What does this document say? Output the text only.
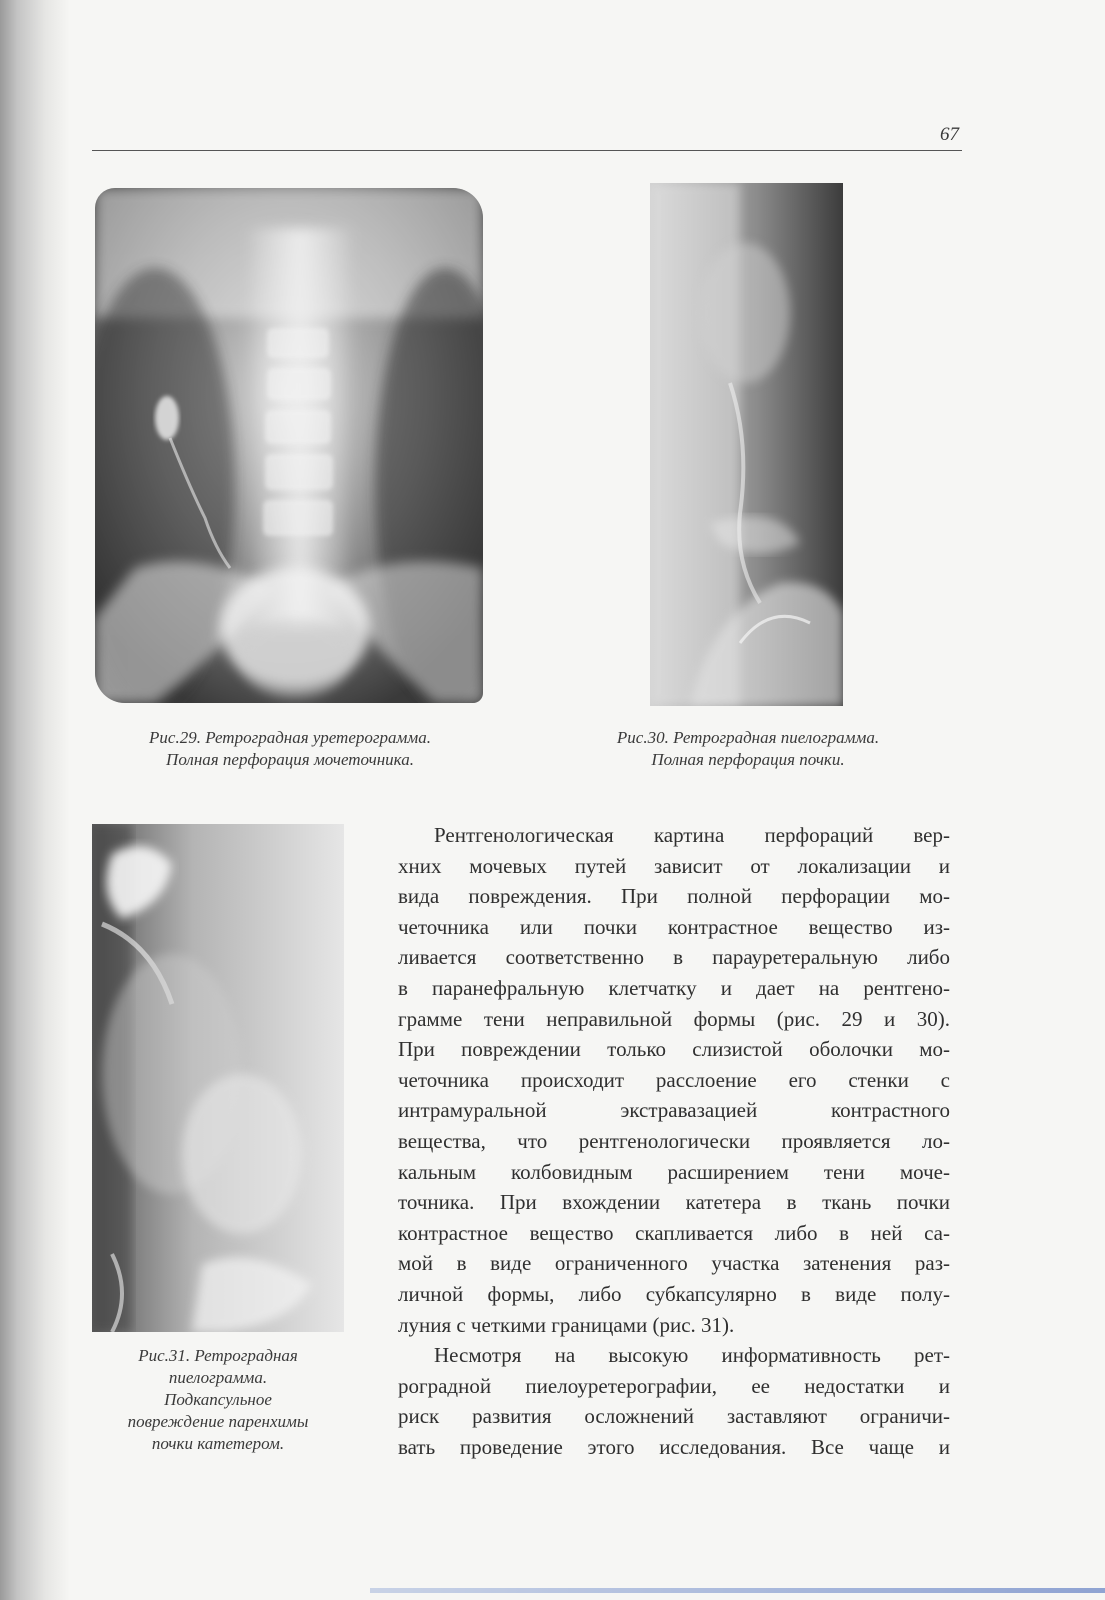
67
Рис.29. Ретроградная уретерограмма.
Полная перфорация мочеточника.
Рис.30. Ретроградная пиелограмма.
Полная перфорация почки.
Рис.31. Ретроградная
пиелограмма.
Подкапсульное
повреждение паренхимы
почки катетером.
Рентгенологическая картина перфораций вер-
хних мочевых путей зависит от локализации и
вида повреждения. При полной перфорации мо-
четочника или почки контрастное вещество из-
ливается соответственно в парауретеральную либо
в паранефральную клетчатку и дает на рентгено-
грамме тени неправильной формы (рис. 29 и 30).
При повреждении только слизистой оболочки мо-
четочника происходит расслоение его стенки с
интрамуральной экстравазацией контрастного
вещества, что рентгенологически проявляется ло-
кальным колбовидным расширением тени моче-
точника. При вхождении катетера в ткань почки
контрастное вещество скапливается либо в ней са-
мой в виде ограниченного участка затенения раз-
личной формы, либо субкапсулярно в виде полу-
луния с четкими границами (рис. 31).
Несмотря на высокую информативность рет-
роградной пиелоуретерографии, ее недостатки и
риск развития осложнений заставляют ограничи-
вать проведение этого исследования. Все чаще и
